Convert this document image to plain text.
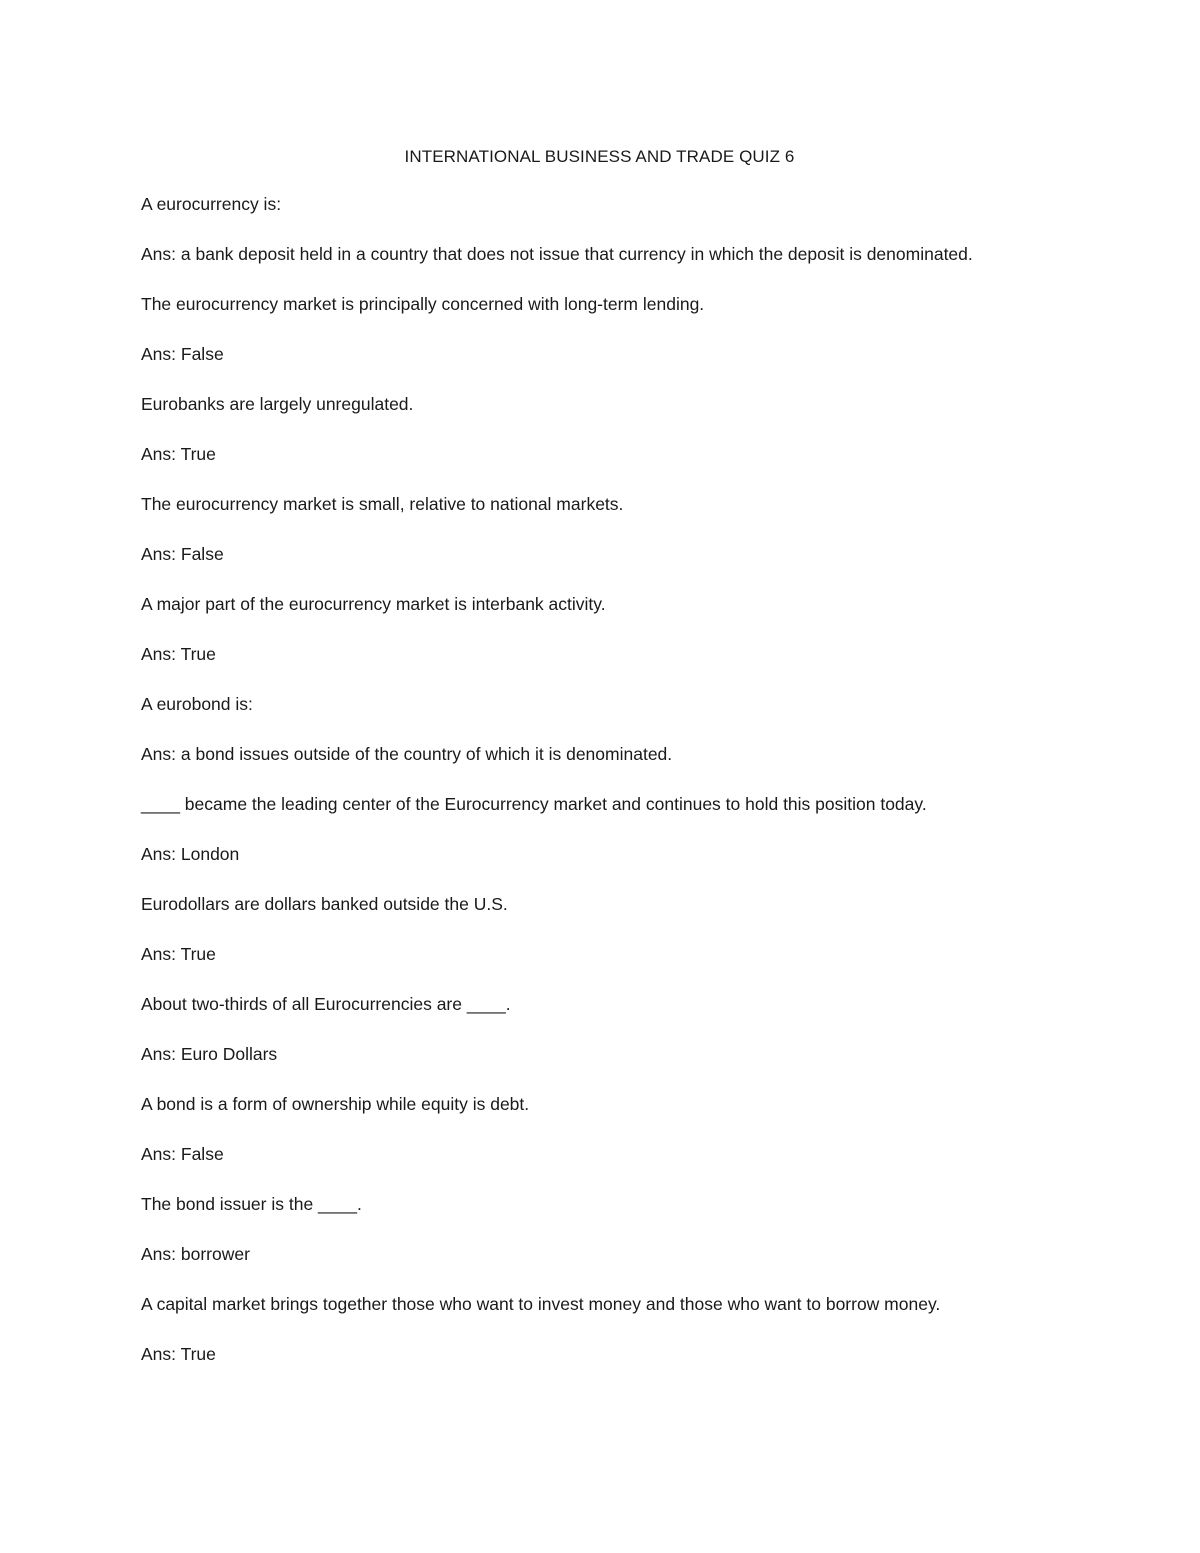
INTERNATIONAL BUSINESS AND TRADE QUIZ 6

A eurocurrency is:

Ans: a bank deposit held in a country that does not issue that currency in which the deposit is denominated.

The eurocurrency market is principally concerned with long-term lending.

Ans: False

Eurobanks are largely unregulated.

Ans: True

The eurocurrency market is small, relative to national markets.

Ans: False

A major part of the eurocurrency market is interbank activity.

Ans: True

A eurobond is:

Ans: a bond issues outside of the country of which it is denominated.

____ became the leading center of the Eurocurrency market and continues to hold this position today.

Ans: London

Eurodollars are dollars banked outside the U.S.

Ans: True

About two-thirds of all Eurocurrencies are ____.

Ans: Euro Dollars

A bond is a form of ownership while equity is debt.

Ans: False

The bond issuer is the ____.

Ans: borrower

A capital market brings together those who want to invest money and those who want to borrow money.

Ans: True
